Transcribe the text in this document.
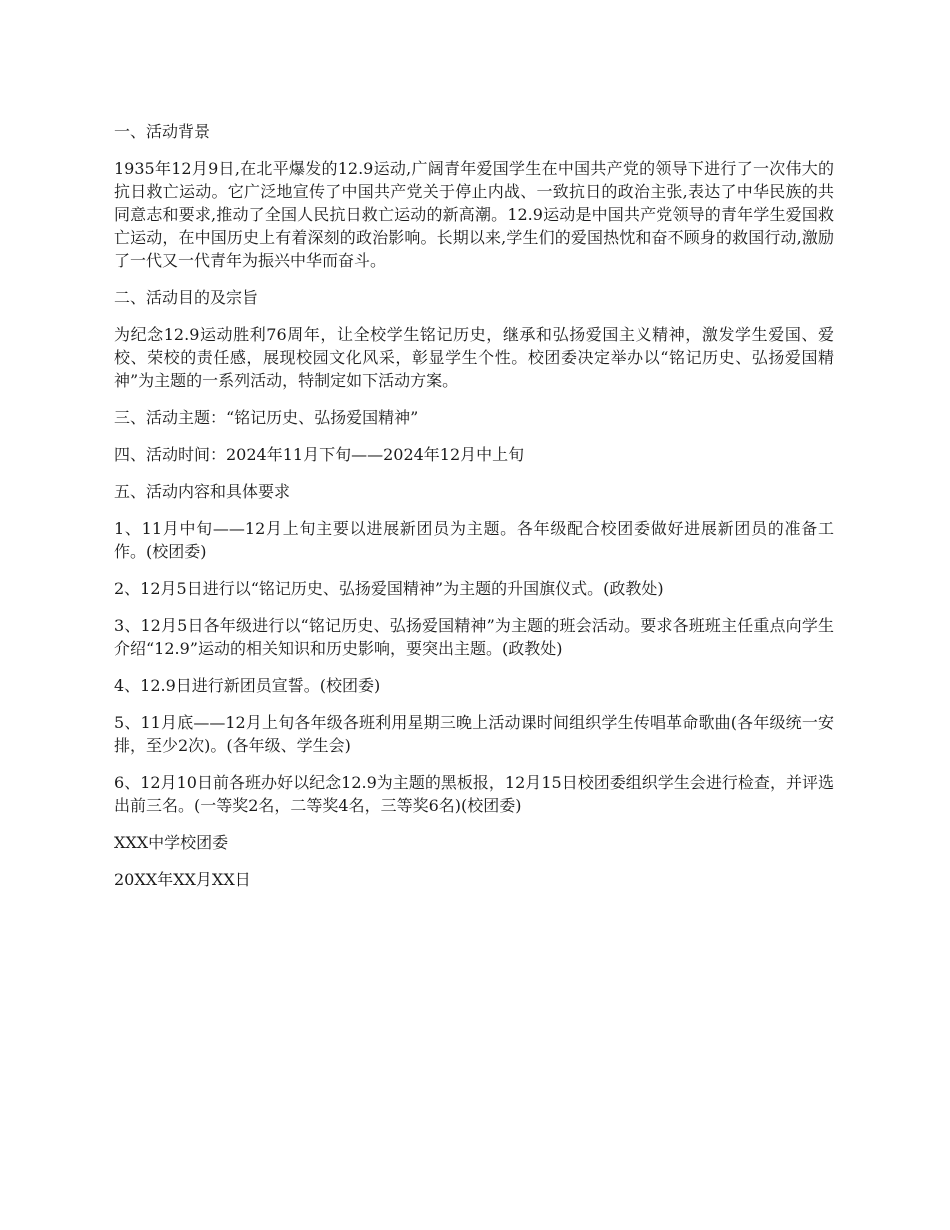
一、活动背景

1935年12月9日,在北平爆发的12.9运动,广阔青年爱国学生在中国共产党的领导下进行了一次伟大的抗日救亡运动。它广泛地宣传了中国共产党关于停止内战、一致抗日的政治主张,表达了中华民族的共同意志和要求,推动了全国人民抗日救亡运动的新高潮。12.9运动是中国共产党领导的青年学生爱国救亡运动，在中国历史上有着深刻的政治影响。长期以来,学生们的爱国热忱和奋不顾身的救国行动,激励了一代又一代青年为振兴中华而奋斗。

二、活动目的及宗旨

为纪念12.9运动胜利76周年，让全校学生铭记历史，继承和弘扬爱国主义精神，激发学生爱国、爱校、荣校的责任感，展现校园文化风采，彰显学生个性。校团委决定举办以“铭记历史、弘扬爱国精神”为主题的一系列活动，特制定如下活动方案。

三、活动主题：“铭记历史、弘扬爱国精神”

四、活动时间：2024年11月下旬——2024年12月中上旬

五、活动内容和具体要求

1、11月中旬——12月上旬主要以进展新团员为主题。各年级配合校团委做好进展新团员的准备工作。(校团委)

2、12月5日进行以“铭记历史、弘扬爱国精神”为主题的升国旗仪式。(政教处)

3、12月5日各年级进行以“铭记历史、弘扬爱国精神”为主题的班会活动。要求各班班主任重点向学生介绍“12.9”运动的相关知识和历史影响，要突出主题。(政教处)

4、12.9日进行新团员宣誓。(校团委)

5、11月底——12月上旬各年级各班利用星期三晚上活动课时间组织学生传唱革命歌曲(各年级统一安排，至少2次)。(各年级、学生会)

6、12月10日前各班办好以纪念12.9为主题的黑板报，12月15日校团委组织学生会进行检查，并评选出前三名。(一等奖2名，二等奖4名，三等奖6名)(校团委)

XXX中学校团委

20XX年XX月XX日
